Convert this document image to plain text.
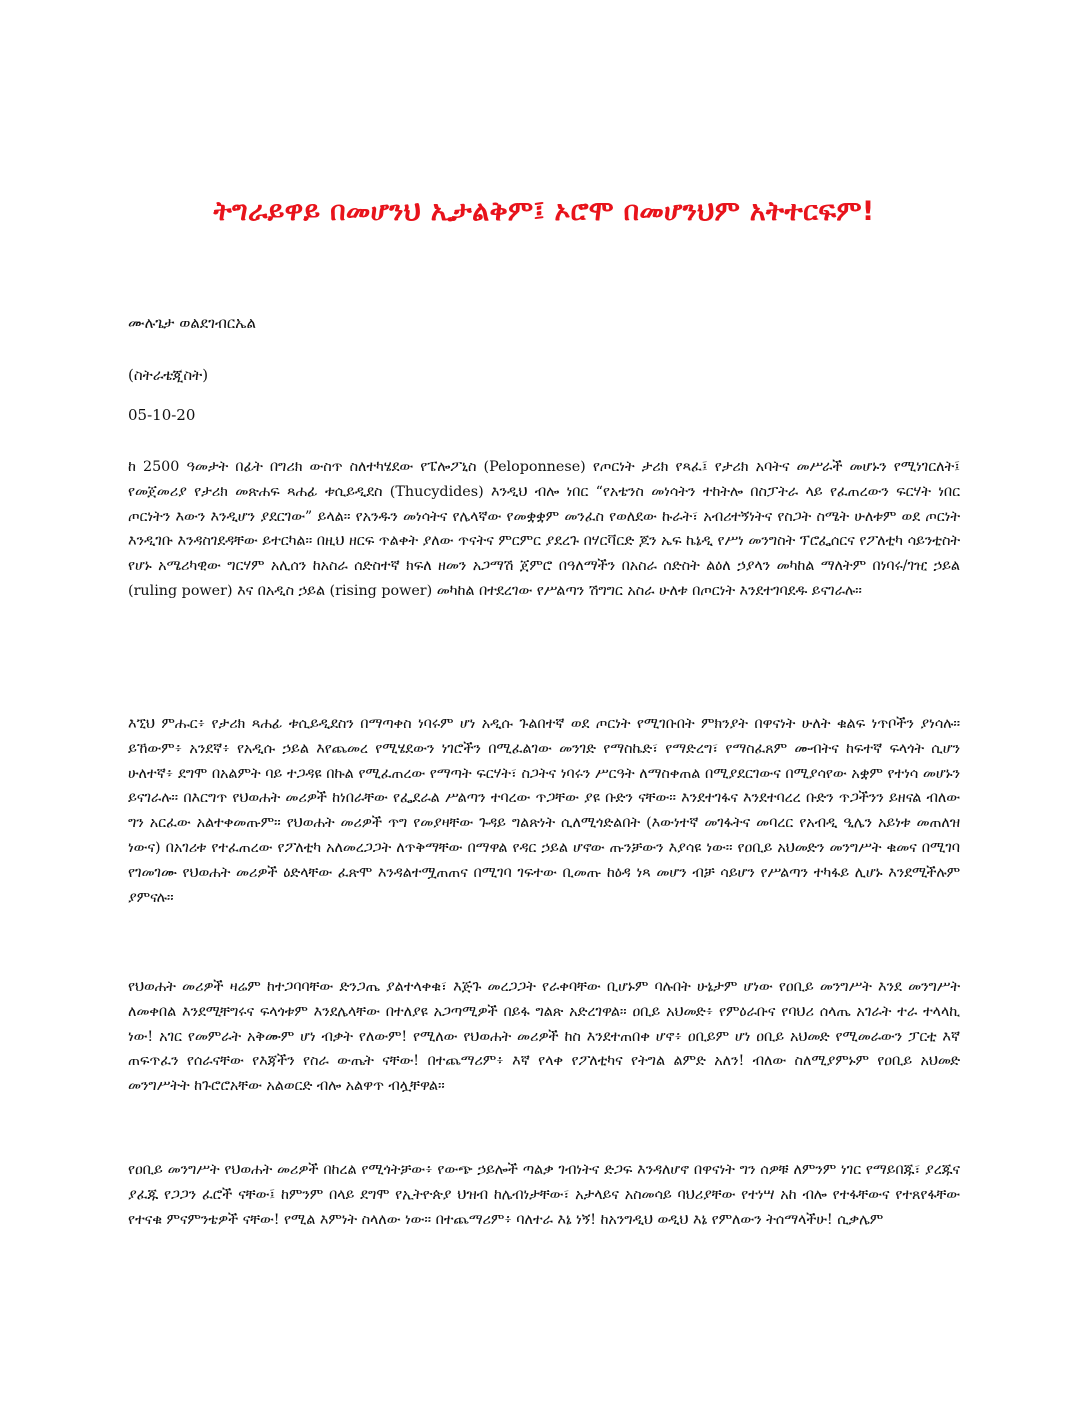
ትግራይዋይ በመሆንህ ኢታልቅም፤ ኦሮሞ በመሆንህም አትተርፍም!
ሙሉጌታ ወልደገብርኤል
(ስትራቴጂስት)
05-10-20
ከ 2500 ዓመታት በፊት በግሪክ ውስጥ ስለተካሄደው የፔሎፖኒስ (Peloponnese) የጦርነት ታሪክ የጻፈ፤ የታሪክ አባትና መሥራች መሆኑን የሚነገርለት፤ የመጀመሪያ የታሪክ መጽሐፍ ጻሐፊ ቱሲይዲደስ (Thucydides) እንዲህ ብሎ ነበር “የአቴንስ መነሳትን ተከትሎ በስፓትራ ላይ የፈጠረውን ፍርሃት ነበር ጦርነትን እውን እንዲሆን ያደርገው” ይላል። የአንዱን መነሳትና የሌላኛው የመቋቋም መንፈስ የወለደው ኩራት፣ አብሪተኝነትና የስጋት ስሜት ሁለቱም ወደ ጦርነት እንዲገቡ እንዳስገደዳቸው ይተርካል። በዚህ ዘርፍ ጥልቀት ያለው ጥናትና ምርምር ያደረጉ በሃርቫርድ ጆን ኤፍ ኬኔዲ የሥነ መንግስት ፕሮፌሰርና የፖለቲካ ሳይንቲስት የሆኑ አሜሪካዊው ግርሃም አሊሰን ከአስራ ሰድስተኛ ክፍለ ዘመን አጋማሽ ጀምሮ በዓለማችን በአስራ ሰድስት ልዕለ ኃያላን መካከል ማለትም በነባሩ/ገዢ ኃይል (ruling power) እና በአዲስ ኃይል (rising power) መካከል በተደረገው የሥልጣን ሽግግር አስራ ሁለቱ በጦርነት እንደተገባደዱ ይናገራሉ።
እኚህ ምሑር፥ የታሪክ ጻሐፊ ቱሲይዲደስን በማጣቀስ ነባሩም ሆነ አዲሱ ጉልበተኛ ወደ ጦርነት የሚገቡበት ምክንያት በዋናነት ሁለት ቁልፍ ነጥቦችን ያነሳሉ። ይኸውም፥ አንደኛ፥ የአዲሱ ኃይል እየጨመረ የሚሄደውን ነገሮችን በሚፈልገው መንገድ የማስኬድ፣ የማድረግ፣ የማስፈጸም ሙብትና ከፍተኛ ፍላጎት ሲሆን ሁለተኛ፥ ደግሞ በአልምት ባይ ተጋዳዩ በኩል የሚፈጠረው የማጣት ፍርሃት፣ ስጋትና ነባሩን ሥርዓት ለማስቀጠል በሚያደርገውና በሚያሳየው አቋም የተነሳ መሆኑን ይናገራሉ። በእርግጥ የህወሐት መሪዎች ከነበራቸው የፌደራል ሥልጣን ተባረው ጥጋቸው ያዩ ቡድን ናቸው። እንደተገፋና እንደተባረረ ቡድን ጥጋችንን ይዘናል ብለው ግን አርፈው አልተቀመጡም። የህወሐት መሪዎች ጥግ የመያዛቸው ጉዳይ ግልጽነት ሲለሚጎድልበት (እውነተኛ መገፋትና መባረር የአብዲ ዒሌን አይነቱ መጠለዝ ነውና) በአገሪቱ የተፈጠረው የፖለቲካ አለመረጋጋት ለጥቅማቸው በማዋል የዳር ኃይል ሆኖው ጡንቻውን እያሳዩ ነው። የዐቢይ አህመድን መንግሥት ቁመና በሚገባ የገመገሙ የህወሐት መሪዎች ዕድላቸው ፈጽሞ እንዳልተሟጠጠና በሚገባ ገፍተው ቢመጡ ከዕዳ ነጻ መሆን ብቻ ሳይሆን የሥልጣን ተካፋይ ሊሆኑ እንደሚችሉም ያምናሉ።
የህወሐት መሪዎች ዛሬም ከተጋባባቸው ድንጋጤ ያልተላቀቁ፣ እጅጉ መረጋጋት የራቀባቸው ቢሆኑም ባሉበት ሁኔታም ሆነው የዐቢይ መንግሥት እንደ መንግሥት ለመቀበል እንደሚቸግሩና ፍላጎቱም እንደሌላቸው በተለያዩ አጋጣሚዎች በይፋ ግልጽ አድረገዋል። ዐቢይ አህመድ፥ የምዕራቡና የባህሪ ሰላጤ አገራት ተራ ተላላኪ ነው! አገር የመምራት አቅሙም ሆነ ብቃት የለውም! የሚለው የህወሐት መሪዎች ከስ እንደተጠበቀ ሆኖ፥ ዐቢይም ሆነ ዐቢይ አህመድ የሚመራውን ፓርቲ እኛ ጠፍጥፈን የሰራናቸው የእጃችን የስራ ውጤት ናቸው! በተጨማሪም፥ እኛ የላቀ የፖለቲካና የትግል ልምድ አለን! ብለው ስለሚያምኑም የዐቢይ አህመድ መንግሥትት ከጉሮሮአቸው አልወርድ ብሎ አልዋጥ ብሏቸዋል።
የዐቢይ መንግሥት የህወሐት መሪዎች በከረል የሚጎትቻው፥ የውጭ ኃይሎች ጣልቃ ገብነትና ድጋፍ እንዳለሆኖ በዋናነት ግን ሰዎቹ ለምንም ነገር የማይበጁ፣ ያረጁና ያፈጁ የጋጋን ፈሮች ናቸው፤ ከምንም በላይ ደግሞ የኢትዮጵያ ህዝብ ከሌብነታቸው፣ አታላይና አስመሳይ ባህሪያቸው የተነሣ አከ ብሎ የተፋቸውና የተጸየፋቸው የተናቁ ምናምንቴዎች ናቸው! የሚል እምነት ስላለው ነው። በተጨማሪም፥ ባለተራ እኔ ነኝ! ከአንግዲህ ወዲህ እኔ የምለውን ትሰማላችሁ! ሲቃሌም
